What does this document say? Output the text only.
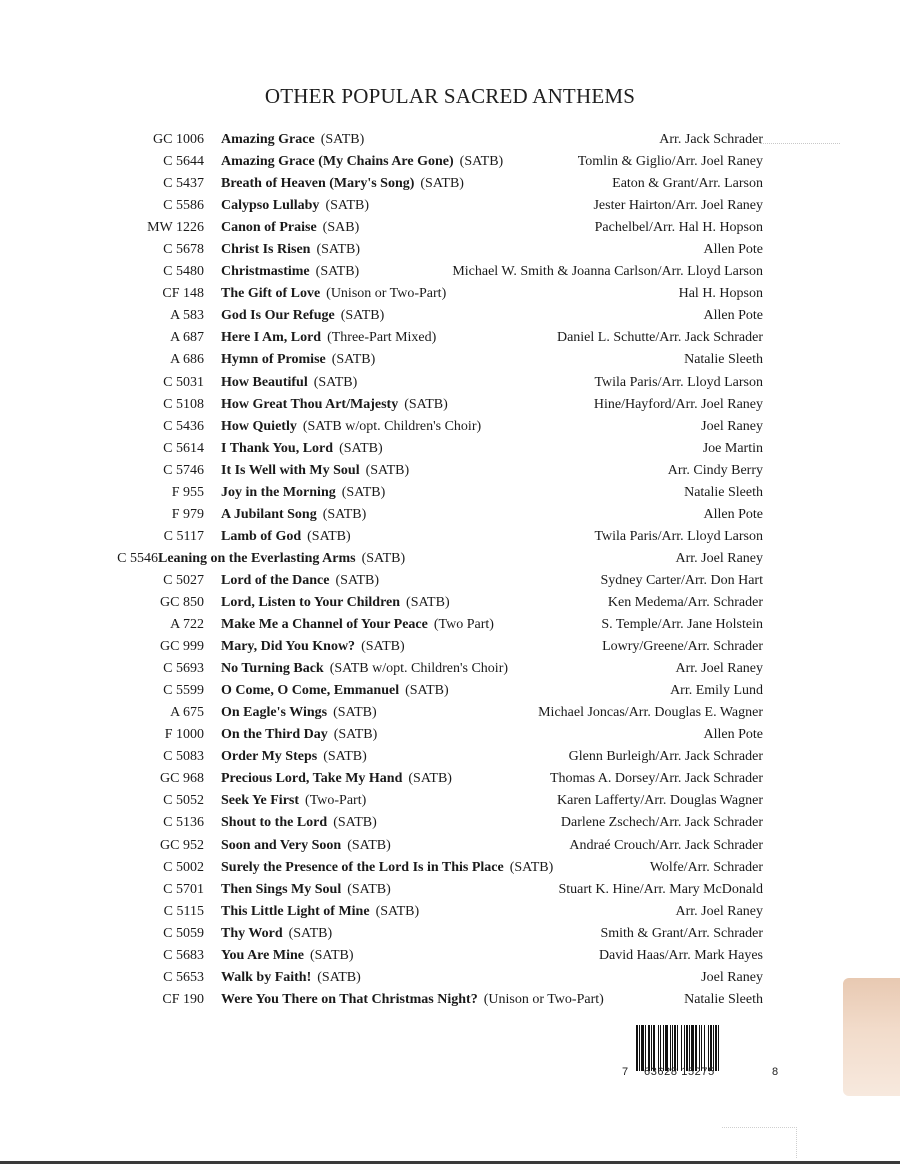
OTHER POPULAR SACRED ANTHEMS
GC 1006 Amazing Grace (SATB)	Arr. Jack Schrader
C 5644 Amazing Grace (My Chains Are Gone) (SATB)	Tomlin & Giglio/Arr. Joel Raney
C 5437 Breath of Heaven (Mary's Song) (SATB)	Eaton & Grant/Arr. Larson
C 5586 Calypso Lullaby (SATB)	Jester Hairton/Arr. Joel Raney
MW 1226 Canon of Praise (SAB)	Pachelbel/Arr. Hal H. Hopson
C 5678 Christ Is Risen (SATB)	Allen Pote
C 5480 Christmastime (SATB)	Michael W. Smith & Joanna Carlson/Arr. Lloyd Larson
CF 148 The Gift of Love (Unison or Two-Part)	Hal H. Hopson
A 583 God Is Our Refuge (SATB)	Allen Pote
A 687 Here I Am, Lord (Three-Part Mixed)	Daniel L. Schutte/Arr. Jack Schrader
A 686 Hymn of Promise (SATB)	Natalie Sleeth
C 5031 How Beautiful (SATB)	Twila Paris/Arr. Lloyd Larson
C 5108 How Great Thou Art/Majesty (SATB)	Hine/Hayford/Arr. Joel Raney
C 5436 How Quietly (SATB w/opt. Children's Choir)	Joel Raney
C 5614 I Thank You, Lord (SATB)	Joe Martin
C 5746 It Is Well with My Soul (SATB)	Arr. Cindy Berry
F 955 Joy in the Morning (SATB)	Natalie Sleeth
F 979 A Jubilant Song (SATB)	Allen Pote
C 5117 Lamb of God (SATB)	Twila Paris/Arr. Lloyd Larson
C 5546 Leaning on the Everlasting Arms (SATB)	Arr. Joel Raney
C 5027 Lord of the Dance (SATB)	Sydney Carter/Arr. Don Hart
GC 850 Lord, Listen to Your Children (SATB)	Ken Medema/Arr. Schrader
A 722 Make Me a Channel of Your Peace (Two Part)	S. Temple/Arr. Jane Holstein
GC 999 Mary, Did You Know? (SATB)	Lowry/Greene/Arr. Schrader
C 5693 No Turning Back (SATB w/opt. Children's Choir)	Arr. Joel Raney
C 5599 O Come, O Come, Emmanuel (SATB)	Arr. Emily Lund
A 675 On Eagle's Wings (SATB)	Michael Joncas/Arr. Douglas E. Wagner
F 1000 On the Third Day (SATB)	Allen Pote
C 5083 Order My Steps (SATB)	Glenn Burleigh/Arr. Jack Schrader
GC 968 Precious Lord, Take My Hand (SATB)	Thomas A. Dorsey/Arr. Jack Schrader
C 5052 Seek Ye First (Two-Part)	Karen Lafferty/Arr. Douglas Wagner
C 5136 Shout to the Lord (SATB)	Darlene Zschech/Arr. Jack Schrader
GC 952 Soon and Very Soon (SATB)	Andraé Crouch/Arr. Jack Schrader
C 5002 Surely the Presence of the Lord Is in This Place (SATB)	Wolfe/Arr. Schrader
C 5701 Then Sings My Soul (SATB)	Stuart K. Hine/Arr. Mary McDonald
C 5115 This Little Light of Mine (SATB)	Arr. Joel Raney
C 5059 Thy Word (SATB)	Smith & Grant/Arr. Schrader
C 5683 You Are Mine (SATB)	David Haas/Arr. Mark Hayes
C 5653 Walk by Faith! (SATB)	Joel Raney
CF 190 Were You There on That Christmas Night? (Unison or Two-Part)	Natalie Sleeth
7 63628 15275	8
